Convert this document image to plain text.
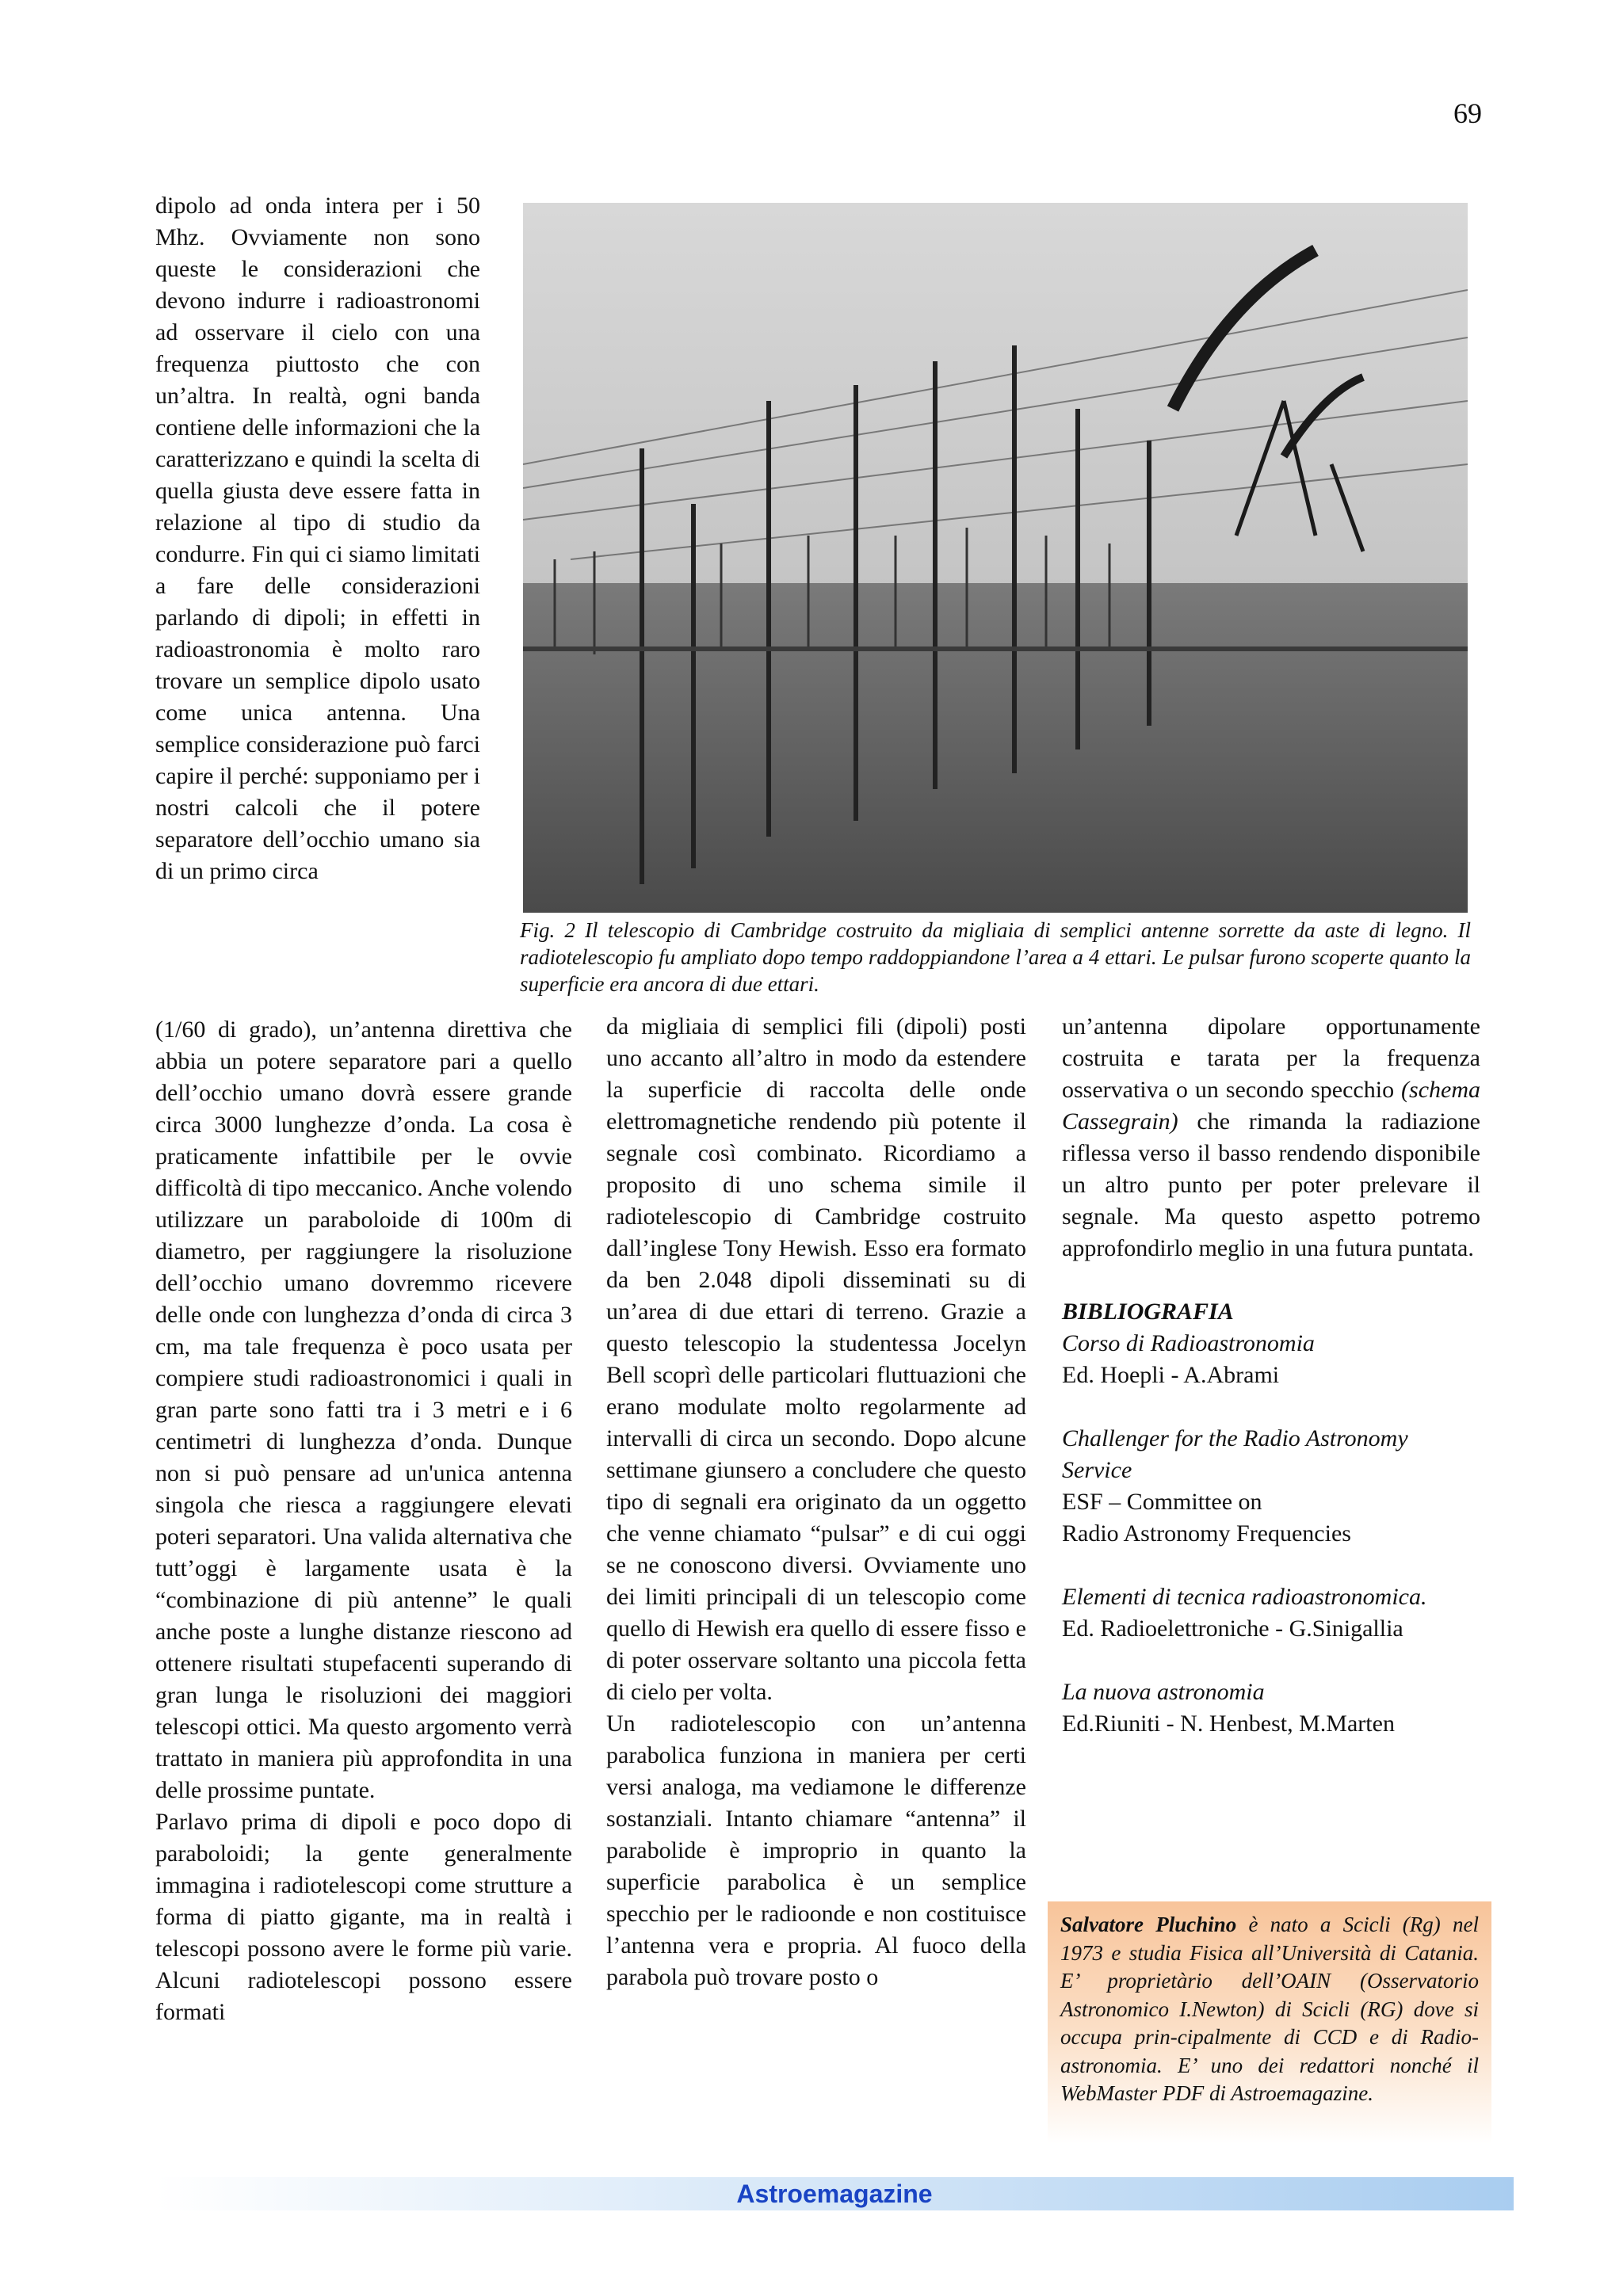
69

dipolo ad onda intera per i 50 Mhz. Ovviamente non sono queste le considerazioni che devono indurre i radioastronomi ad osservare il cielo con una frequenza piuttosto che con un’altra. In realtà, ogni banda contiene delle informazioni che la caratterizzano e quindi la scelta di quella giusta deve essere fatta in relazione al tipo di studio da condurre. Fin qui ci siamo limitati a fare delle considerazioni parlando di dipoli; in effetti in radioastronomia è molto raro trovare un semplice dipolo usato come unica antenna. Una semplice considerazione può farci capire il perché: supponiamo per i nostri calcoli che il potere separatore dell’occhio umano sia di un primo circa

Fig. 2 Il telescopio di Cambridge costruito da migliaia di semplici antenne sorrette da aste di legno. Il radiotelescopio fu ampliato dopo tempo raddoppiandone l’area a 4 ettari. Le pulsar furono scoperte quanto la superficie era ancora di due ettari.

(1/60 di grado), un’antenna direttiva che abbia un potere separatore pari a quello dell’occhio umano dovrà essere grande circa 3000 lunghezze d’onda. La cosa è praticamente infattibile per le ovvie difficoltà di tipo meccanico. Anche volendo utilizzare un paraboloide di 100m di diametro, per raggiungere la risoluzione dell’occhio umano dovremmo ricevere delle onde con lunghezza d’onda di circa 3 cm, ma tale frequenza è poco usata per compiere studi radioastronomici i quali in gran parte sono fatti tra i 3 metri e i 6 centimetri di lunghezza d’onda. Dunque non si può pensare ad un'unica antenna singola che riesca a raggiungere elevati poteri separatori. Una valida alternativa che tutt’oggi è largamente usata è la “combinazione di più antenne” le quali anche poste a lunghe distanze riescono ad ottenere risultati stupefacenti superando di gran lunga le risoluzioni dei maggiori telescopi ottici. Ma questo argomento verrà trattato in maniera più approfondita in una delle prossime puntate.

Parlavo prima di dipoli e poco dopo di paraboloidi; la gente generalmente immagina i radiotelescopi come strutture a forma di piatto gigante, ma in realtà i telescopi possono avere le forme più varie. Alcuni radiotelescopi possono essere formati

da migliaia di semplici fili (dipoli) posti uno accanto all’altro in modo da estendere la superficie di raccolta delle onde elettromagnetiche rendendo più potente il segnale così combinato. Ricordiamo a proposito di uno schema simile il radiotelescopio di Cambridge costruito dall’inglese Tony Hewish. Esso era formato da ben 2.048 dipoli disseminati su di un’area di due ettari di terreno. Grazie a questo telescopio la studentessa Jocelyn Bell scoprì delle particolari fluttuazioni che erano modulate molto regolarmente ad intervalli di circa un secondo. Dopo alcune settimane giunsero a concludere che questo tipo di segnali era originato da un oggetto che venne chiamato “pulsar” e di cui oggi se ne conoscono diversi. Ovviamente uno dei limiti principali di un telescopio come quello di Hewish era quello di essere fisso e di poter osservare soltanto una piccola fetta di cielo per volta.

Un radiotelescopio con un’antenna parabolica funziona in maniera per certi versi analoga, ma vediamone le differenze sostanziali. Intanto chiamare “antenna” il parabolide è improprio in quanto la superficie parabolica è un semplice specchio per le radioonde e non costituisce l’antenna vera e propria. Al fuoco della parabola può trovare posto o

un’antenna dipolare opportunamente costruita e tarata per la frequenza osservativa o un secondo specchio (schema Cassegrain) che rimanda la radiazione riflessa verso il basso rendendo disponibile un altro punto per poter prelevare il segnale. Ma questo aspetto potremo approfondirlo meglio in una futura puntata.

BIBLIOGRAFIA
Corso di Radioastronomia
Ed. Hoepli - A.Abrami
Challenger for the Radio Astronomy Service
ESF – Committee on
Radio Astronomy Frequencies
Elementi di tecnica radioastronomica.
Ed. Radioelettroniche - G.Sinigallia
La nuova astronomia
Ed.Riuniti - N. Henbest, M.Marten
Salvatore Pluchino è nato a Scicli (Rg) nel 1973 e studia Fisica all’Università di Catania. E’ proprietàrio dell’OAIN (Osservatorio Astronomico I.Newton) di Scicli (RG) dove si occupa prin-cipalmente di CCD e di Radio-astronomia. E’ uno dei redattori nonché il WebMaster PDF di Astroemagazine.
Astroemagazine
